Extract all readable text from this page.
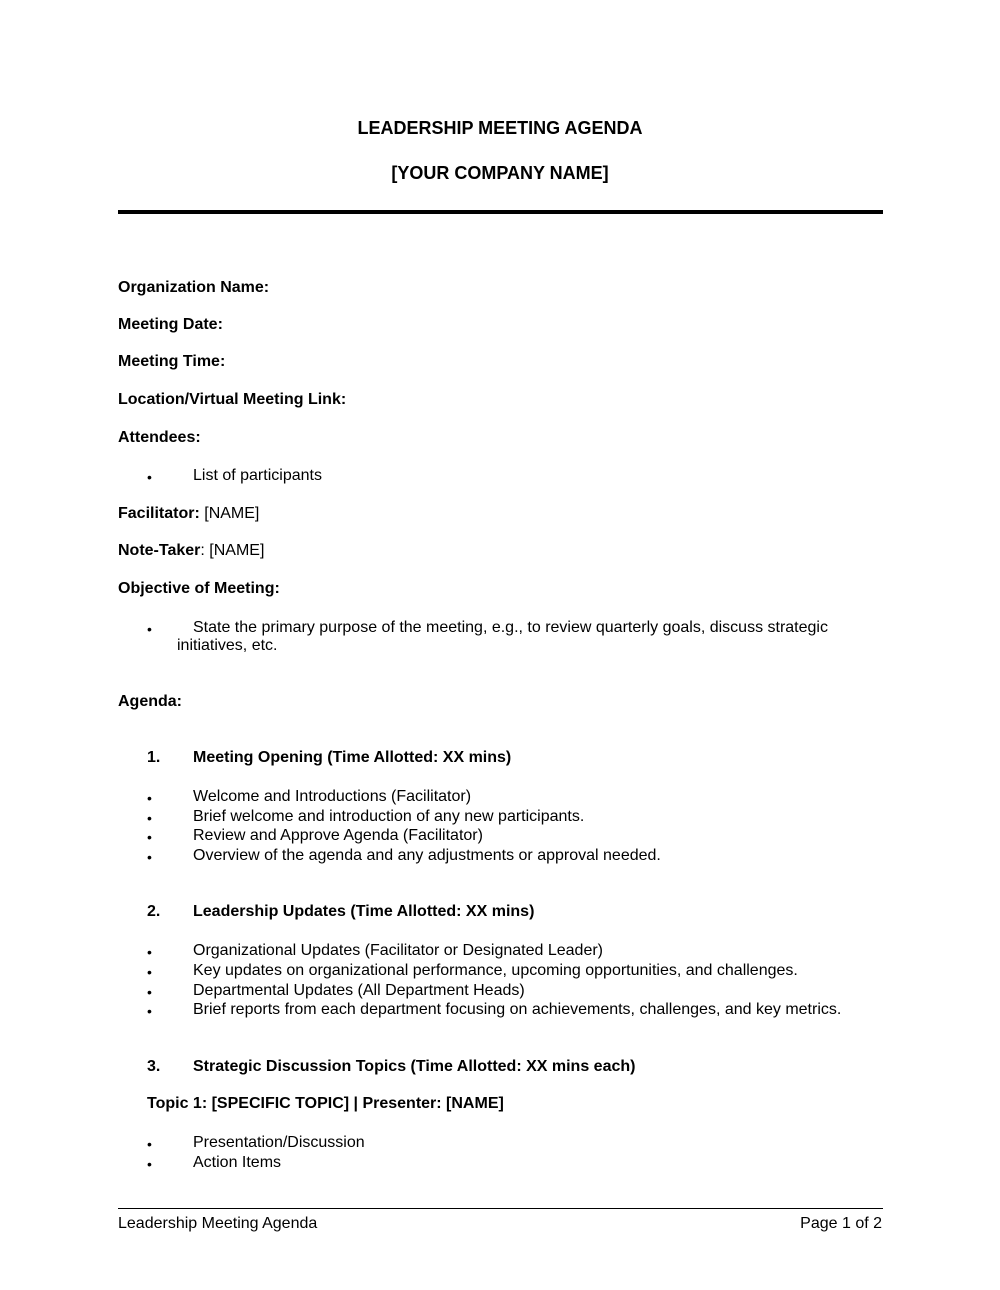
LEADERSHIP MEETING AGENDA
[YOUR COMPANY NAME]
Organization Name:
Meeting Date:
Meeting Time:
Location/Virtual Meeting Link:
Attendees:
•	List of participants
Facilitator: [NAME]
Note-Taker: [NAME]
Objective of Meeting:
•	State the primary purpose of the meeting, e.g., to review quarterly goals, discuss strategic
initiatives, etc.
Agenda:
1. Meeting Opening (Time Allotted: XX mins)
•	Welcome and Introductions (Facilitator)
•	Brief welcome and introduction of any new participants.
•	Review and Approve Agenda (Facilitator)
•	Overview of the agenda and any adjustments or approval needed.
2. Leadership Updates (Time Allotted: XX mins)
•	Organizational Updates (Facilitator or Designated Leader)
•	Key updates on organizational performance, upcoming opportunities, and challenges.
•	Departmental Updates (All Department Heads)
•	Brief reports from each department focusing on achievements, challenges, and key metrics.
3. Strategic Discussion Topics (Time Allotted: XX mins each)
Topic 1: [SPECIFIC TOPIC] | Presenter: [NAME]
•	Presentation/Discussion
•	Action Items
Leadership Meeting Agenda	Page 1 of 2
